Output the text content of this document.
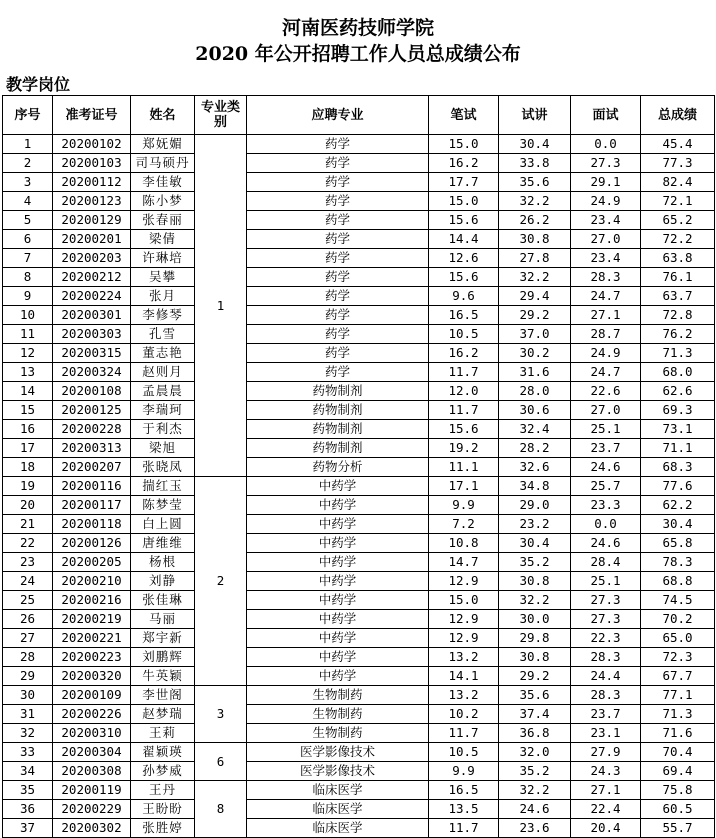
河南医药技师学院
2020 年公开招聘工作人员总成绩公布
教学岗位
序号	准考证号	姓名	专业类别	应聘专业	笔试	试讲	面试	总成绩
1	20200102	郑妩媚	1	药学	15.0	30.4	0.0	45.4
2	20200103	司马硕丹		药学	16.2	33.8	27.3	77.3
3	20200112	李佳敏		药学	17.7	35.6	29.1	82.4
4	20200123	陈小梦		药学	15.0	32.2	24.9	72.1
5	20200129	张春丽		药学	15.6	26.2	23.4	65.2
6	20200201	梁倩		药学	14.4	30.8	27.0	72.2
7	20200203	许琳培		药学	12.6	27.8	23.4	63.8
8	20200212	吴攀		药学	15.6	32.2	28.3	76.1
9	20200224	张月		药学	9.6	29.4	24.7	63.7
10	20200301	李修琴		药学	16.5	29.2	27.1	72.8
11	20200303	孔雪		药学	10.5	37.0	28.7	76.2
12	20200315	董志艳		药学	16.2	30.2	24.9	71.3
13	20200324	赵则月		药学	11.7	31.6	24.7	68.0
14	20200108	孟晨晨		药物制剂	12.0	28.0	22.6	62.6
15	20200125	李瑞珂		药物制剂	11.7	30.6	27.0	69.3
16	20200228	于利杰		药物制剂	15.6	32.4	25.1	73.1
17	20200313	梁旭		药物制剂	19.2	28.2	23.7	71.1
18	20200207	张晓凤		药物分析	11.1	32.6	24.6	68.3
19	20200116	揣红玉	2	中药学	17.1	34.8	25.7	77.6
20	20200117	陈梦莹		中药学	9.9	29.0	23.3	62.2
21	20200118	白上圆		中药学	7.2	23.2	0.0	30.4
22	20200126	唐维维		中药学	10.8	30.4	24.6	65.8
23	20200205	杨根		中药学	14.7	35.2	28.4	78.3
24	20200210	刘静		中药学	12.9	30.8	25.1	68.8
25	20200216	张佳琳		中药学	15.0	32.2	27.3	74.5
26	20200219	马丽		中药学	12.9	30.0	27.3	70.2
27	20200221	郑宇新		中药学	12.9	29.8	22.3	65.0
28	20200223	刘鹏辉		中药学	13.2	30.8	28.3	72.3
29	20200320	牛英颖		中药学	14.1	29.2	24.4	67.7
30	20200109	李世阁	3	生物制药	13.2	35.6	28.3	77.1
31	20200226	赵梦瑞		生物制药	10.2	37.4	23.7	71.3
32	20200310	王莉		生物制药	11.7	36.8	23.1	71.6
33	20200304	翟颖瑛	6	医学影像技术	10.5	32.0	27.9	70.4
34	20200308	孙梦威		医学影像技术	9.9	35.2	24.3	69.4
35	20200119	王丹	8	临床医学	16.5	32.2	27.1	75.8
36	20200229	王盼盼		临床医学	13.5	24.6	22.4	60.5
37	20200302	张胜婷		临床医学	11.7	23.6	20.4	55.7
